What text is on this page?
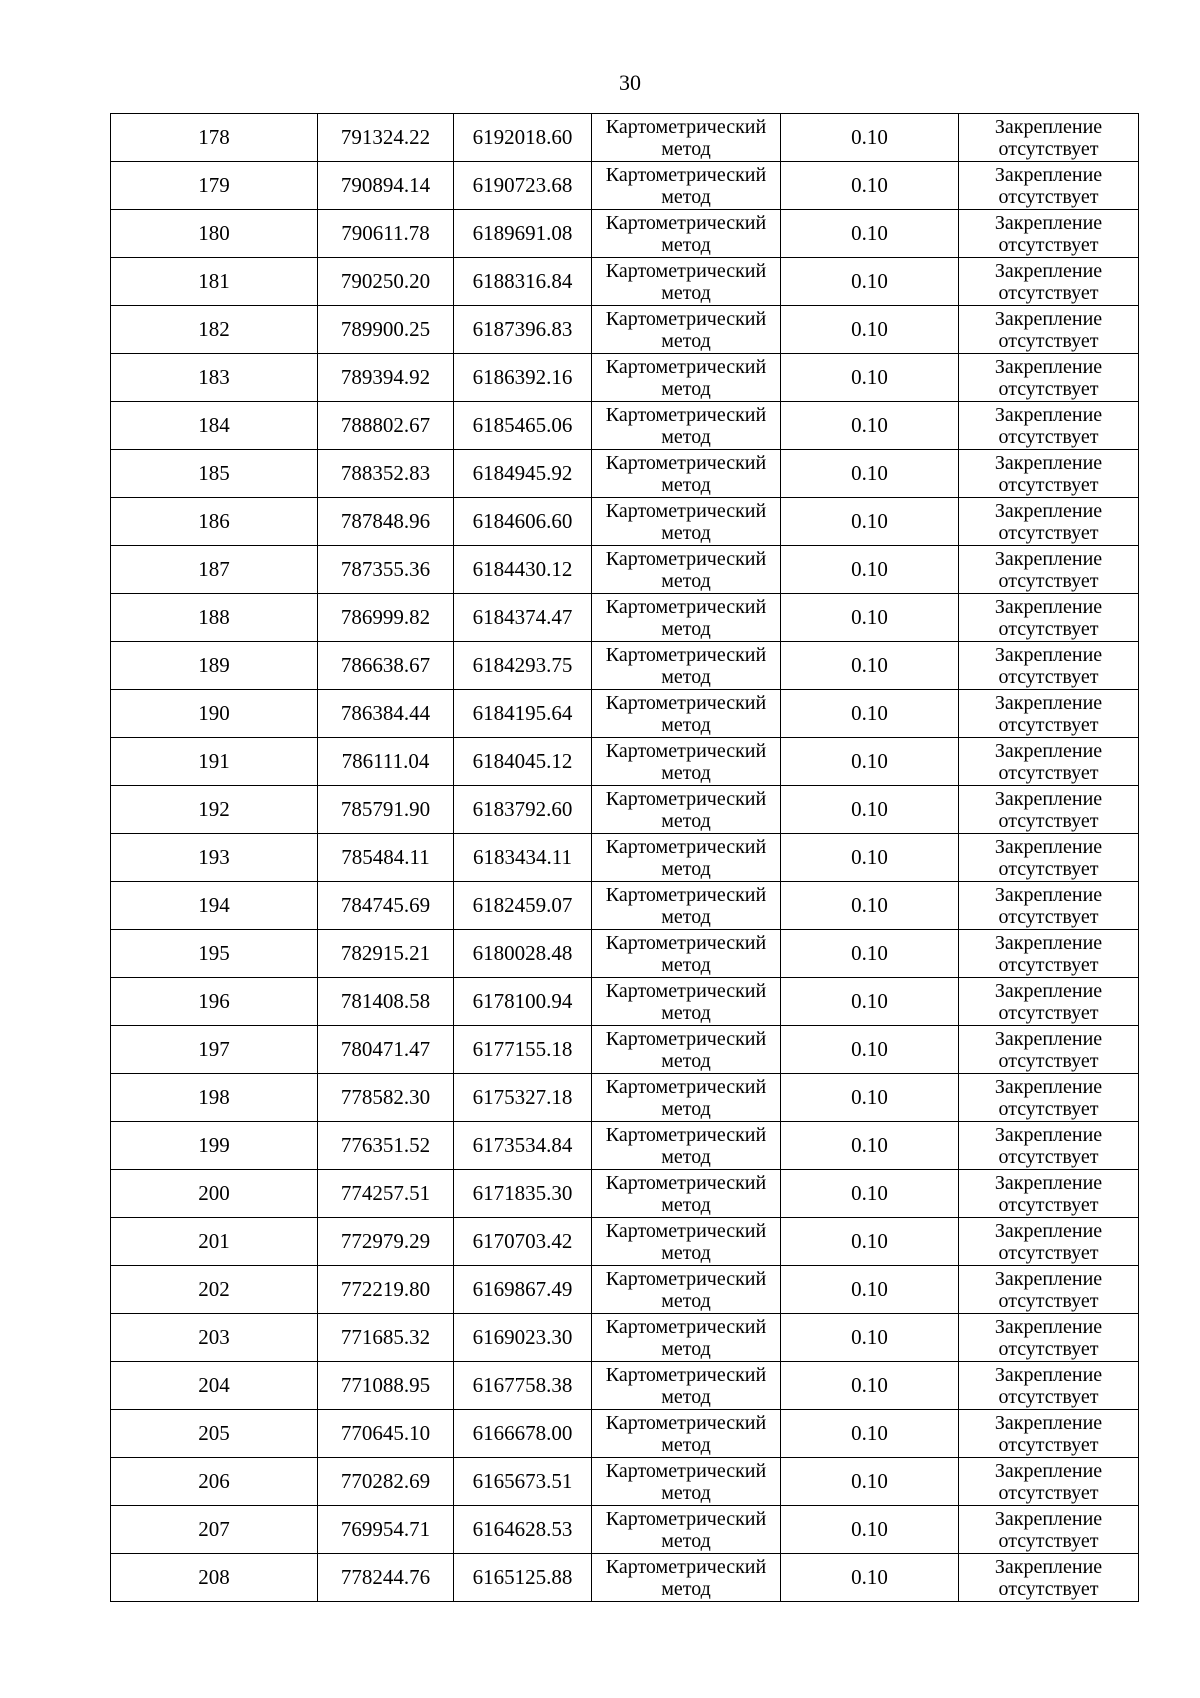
30
178	791324.22	6192018.60	Картометрический метод	0.10	Закрепление отсутствует
179	790894.14	6190723.68	Картометрический метод	0.10	Закрепление отсутствует
180	790611.78	6189691.08	Картометрический метод	0.10	Закрепление отсутствует
181	790250.20	6188316.84	Картометрический метод	0.10	Закрепление отсутствует
182	789900.25	6187396.83	Картометрический метод	0.10	Закрепление отсутствует
183	789394.92	6186392.16	Картометрический метод	0.10	Закрепление отсутствует
184	788802.67	6185465.06	Картометрический метод	0.10	Закрепление отсутствует
185	788352.83	6184945.92	Картометрический метод	0.10	Закрепление отсутствует
186	787848.96	6184606.60	Картометрический метод	0.10	Закрепление отсутствует
187	787355.36	6184430.12	Картометрический метод	0.10	Закрепление отсутствует
188	786999.82	6184374.47	Картометрический метод	0.10	Закрепление отсутствует
189	786638.67	6184293.75	Картометрический метод	0.10	Закрепление отсутствует
190	786384.44	6184195.64	Картометрический метод	0.10	Закрепление отсутствует
191	786111.04	6184045.12	Картометрический метод	0.10	Закрепление отсутствует
192	785791.90	6183792.60	Картометрический метод	0.10	Закрепление отсутствует
193	785484.11	6183434.11	Картометрический метод	0.10	Закрепление отсутствует
194	784745.69	6182459.07	Картометрический метод	0.10	Закрепление отсутствует
195	782915.21	6180028.48	Картометрический метод	0.10	Закрепление отсутствует
196	781408.58	6178100.94	Картометрический метод	0.10	Закрепление отсутствует
197	780471.47	6177155.18	Картометрический метод	0.10	Закрепление отсутствует
198	778582.30	6175327.18	Картометрический метод	0.10	Закрепление отсутствует
199	776351.52	6173534.84	Картометрический метод	0.10	Закрепление отсутствует
200	774257.51	6171835.30	Картометрический метод	0.10	Закрепление отсутствует
201	772979.29	6170703.42	Картометрический метод	0.10	Закрепление отсутствует
202	772219.80	6169867.49	Картометрический метод	0.10	Закрепление отсутствует
203	771685.32	6169023.30	Картометрический метод	0.10	Закрепление отсутствует
204	771088.95	6167758.38	Картометрический метод	0.10	Закрепление отсутствует
205	770645.10	6166678.00	Картометрический метод	0.10	Закрепление отсутствует
206	770282.69	6165673.51	Картометрический метод	0.10	Закрепление отсутствует
207	769954.71	6164628.53	Картометрический метод	0.10	Закрепление отсутствует
208	778244.76	6165125.88	Картометрический метод	0.10	Закрепление отсутствует
